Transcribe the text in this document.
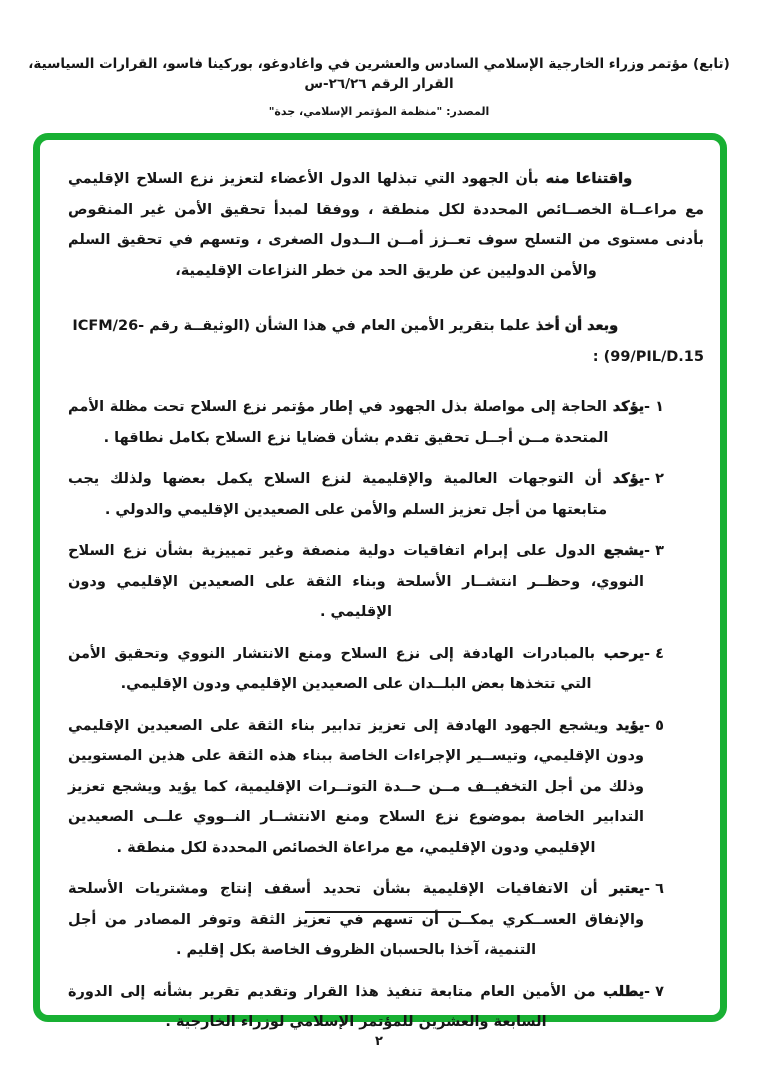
(تابع) مؤتمر وزراء الخارجية الإسلامي السادس والعشرين في واغادوغو، بوركينا فاسو، القرارات السياسية، القرار الرقم ٢٦/٢٦-س
المصدر: "منظمة المؤتمر الإسلامي، جدة"

واقتناعا منه بأن الجهود التي تبذلها الدول الأعضاء لتعزيز نزع السلاح الإقليمي مع مراعــاة الخصــائص المحددة لكل منطقة ، ووفقا لمبدأ تحقيق الأمن غير المنقوص بأدنى مستوى من التسلح سوف تعــزز أمــن الــدول الصغرى ، وتسهم في تحقيق السلم والأمن الدوليين عن طريق الحد من خطر النزاعات الإقليمية،

وبعد أن أخذ علما بتقرير الأمين العام في هذا الشأن (الوثيقــة رقم ICFM/26-99/PIL/D.15) :

١ -
يؤكد الحاجة إلى مواصلة بذل الجهود في إطار مؤتمر نزع السلاح تحت مظلة الأمم المتحدة مــن أجــل تحقيق تقدم بشأن قضايا نزع السلاح بكامل نطاقها .
٢ -
يؤكد أن التوجهات العالمية والإقليمية لنزع السلاح يكمل بعضها ولذلك يجب متابعتها من أجل تعزيز السلم والأمن على الصعيدين الإقليمي والدولي .
٣ -
يشجع الدول على إبرام اتفاقيات دولية منصفة وغير تمييزية بشأن نزع السلاح النووي، وحظــر انتشــار الأسلحة وبناء الثقة على الصعيدين الإقليمي ودون الإقليمي .
٤ -
يرحب بالمبادرات الهادفة إلى نزع السلاح ومنع الانتشار النووي وتحقيق الأمن التي تتخذها بعض البلــدان على الصعيدين الإقليمي ودون الإقليمي.
٥ -
يؤيد ويشجع الجهود الهادفة إلى تعزيز تدابير بناء الثقة على الصعيدين الإقليمي ودون الإقليمي، وتيســير الإجراءات الخاصة ببناء هذه الثقة على هذين المستويين وذلك من أجل التخفيــف مــن حــدة التوتــرات الإقليمية، كما يؤيد ويشجع تعزيز التدابير الخاصة بموضوع نزع السلاح ومنع الانتشــار النــووي علــى الصعيدين الإقليمي ودون الإقليمي، مع مراعاة الخصائص المحددة لكل منطقة .
٦ -
يعتبر أن الاتفاقيات الإقليمية بشأن تحديد أسقف إنتاج ومشتريات الأسلحة والإنفاق العســكري يمكــن أن تسهم في تعزيز الثقة وتوفر المصادر من أجل التنمية، آخذا بالحسبان الظروف الخاصة بكل إقليم .
٧ -
يطلب من الأمين العام متابعة تنفيذ هذا القرار وتقديم تقرير بشأنه إلى الدورة السابعة والعشرين للمؤتمر الإسلامي لوزراء الخارجية .
٢
